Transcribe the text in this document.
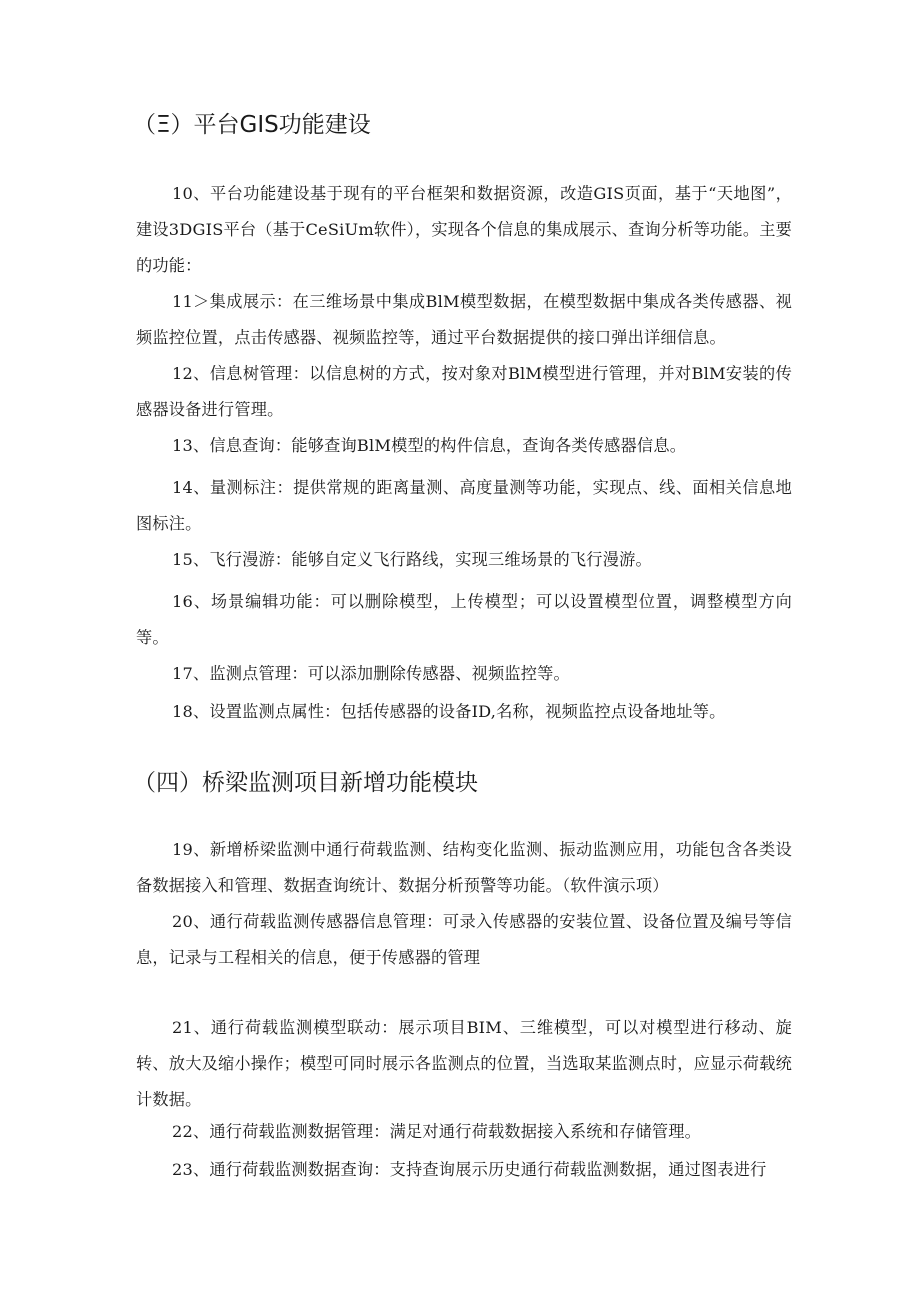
（Ξ）平台GIS功能建设

10、平台功能建设基于现有的平台框架和数据资源，改造GIS页面，基于“天地图”，建设3DGIS平台（基于CeSiUm软件），实现各个信息的集成展示、查询分析等功能。主要的功能：

11＞集成展示：在三维场景中集成BlM模型数据，在模型数据中集成各类传感器、视频监控位置，点击传感器、视频监控等，通过平台数据提供的接口弹出详细信息。

12、信息树管理：以信息树的方式，按对象对BlM模型进行管理，并对BlM安装的传感器设备进行管理。

13、信息查询：能够查询BlM模型的构件信息，查询各类传感器信息。

14、量测标注：提供常规的距离量测、高度量测等功能，实现点、线、面相关信息地图标注。

15、飞行漫游：能够自定义飞行路线，实现三维场景的飞行漫游。

16、场景编辑功能：可以删除模型，上传模型；可以设置模型位置，调整模型方向等。

17、监测点管理：可以添加删除传感器、视频监控等。

18、设置监测点属性：包括传感器的设备ID,名称，视频监控点设备地址等。

（四）桥梁监测项目新增功能模块

19、新增桥梁监测中通行荷载监测、结构变化监测、振动监测应用，功能包含各类设备数据接入和管理、数据查询统计、数据分析预警等功能。（软件演示项）

20、通行荷载监测传感器信息管理：可录入传感器的安装位置、设备位置及编号等信息，记录与工程相关的信息，便于传感器的管理

21、通行荷载监测模型联动：展示项目BIM、三维模型，可以对模型进行移动、旋转、放大及缩小操作；模型可同时展示各监测点的位置，当选取某监测点时，应显示荷载统计数据。

22、通行荷载监测数据管理：满足对通行荷载数据接入系统和存储管理。

23、通行荷载监测数据查询：支持查询展示历史通行荷载监测数据，通过图表进行
